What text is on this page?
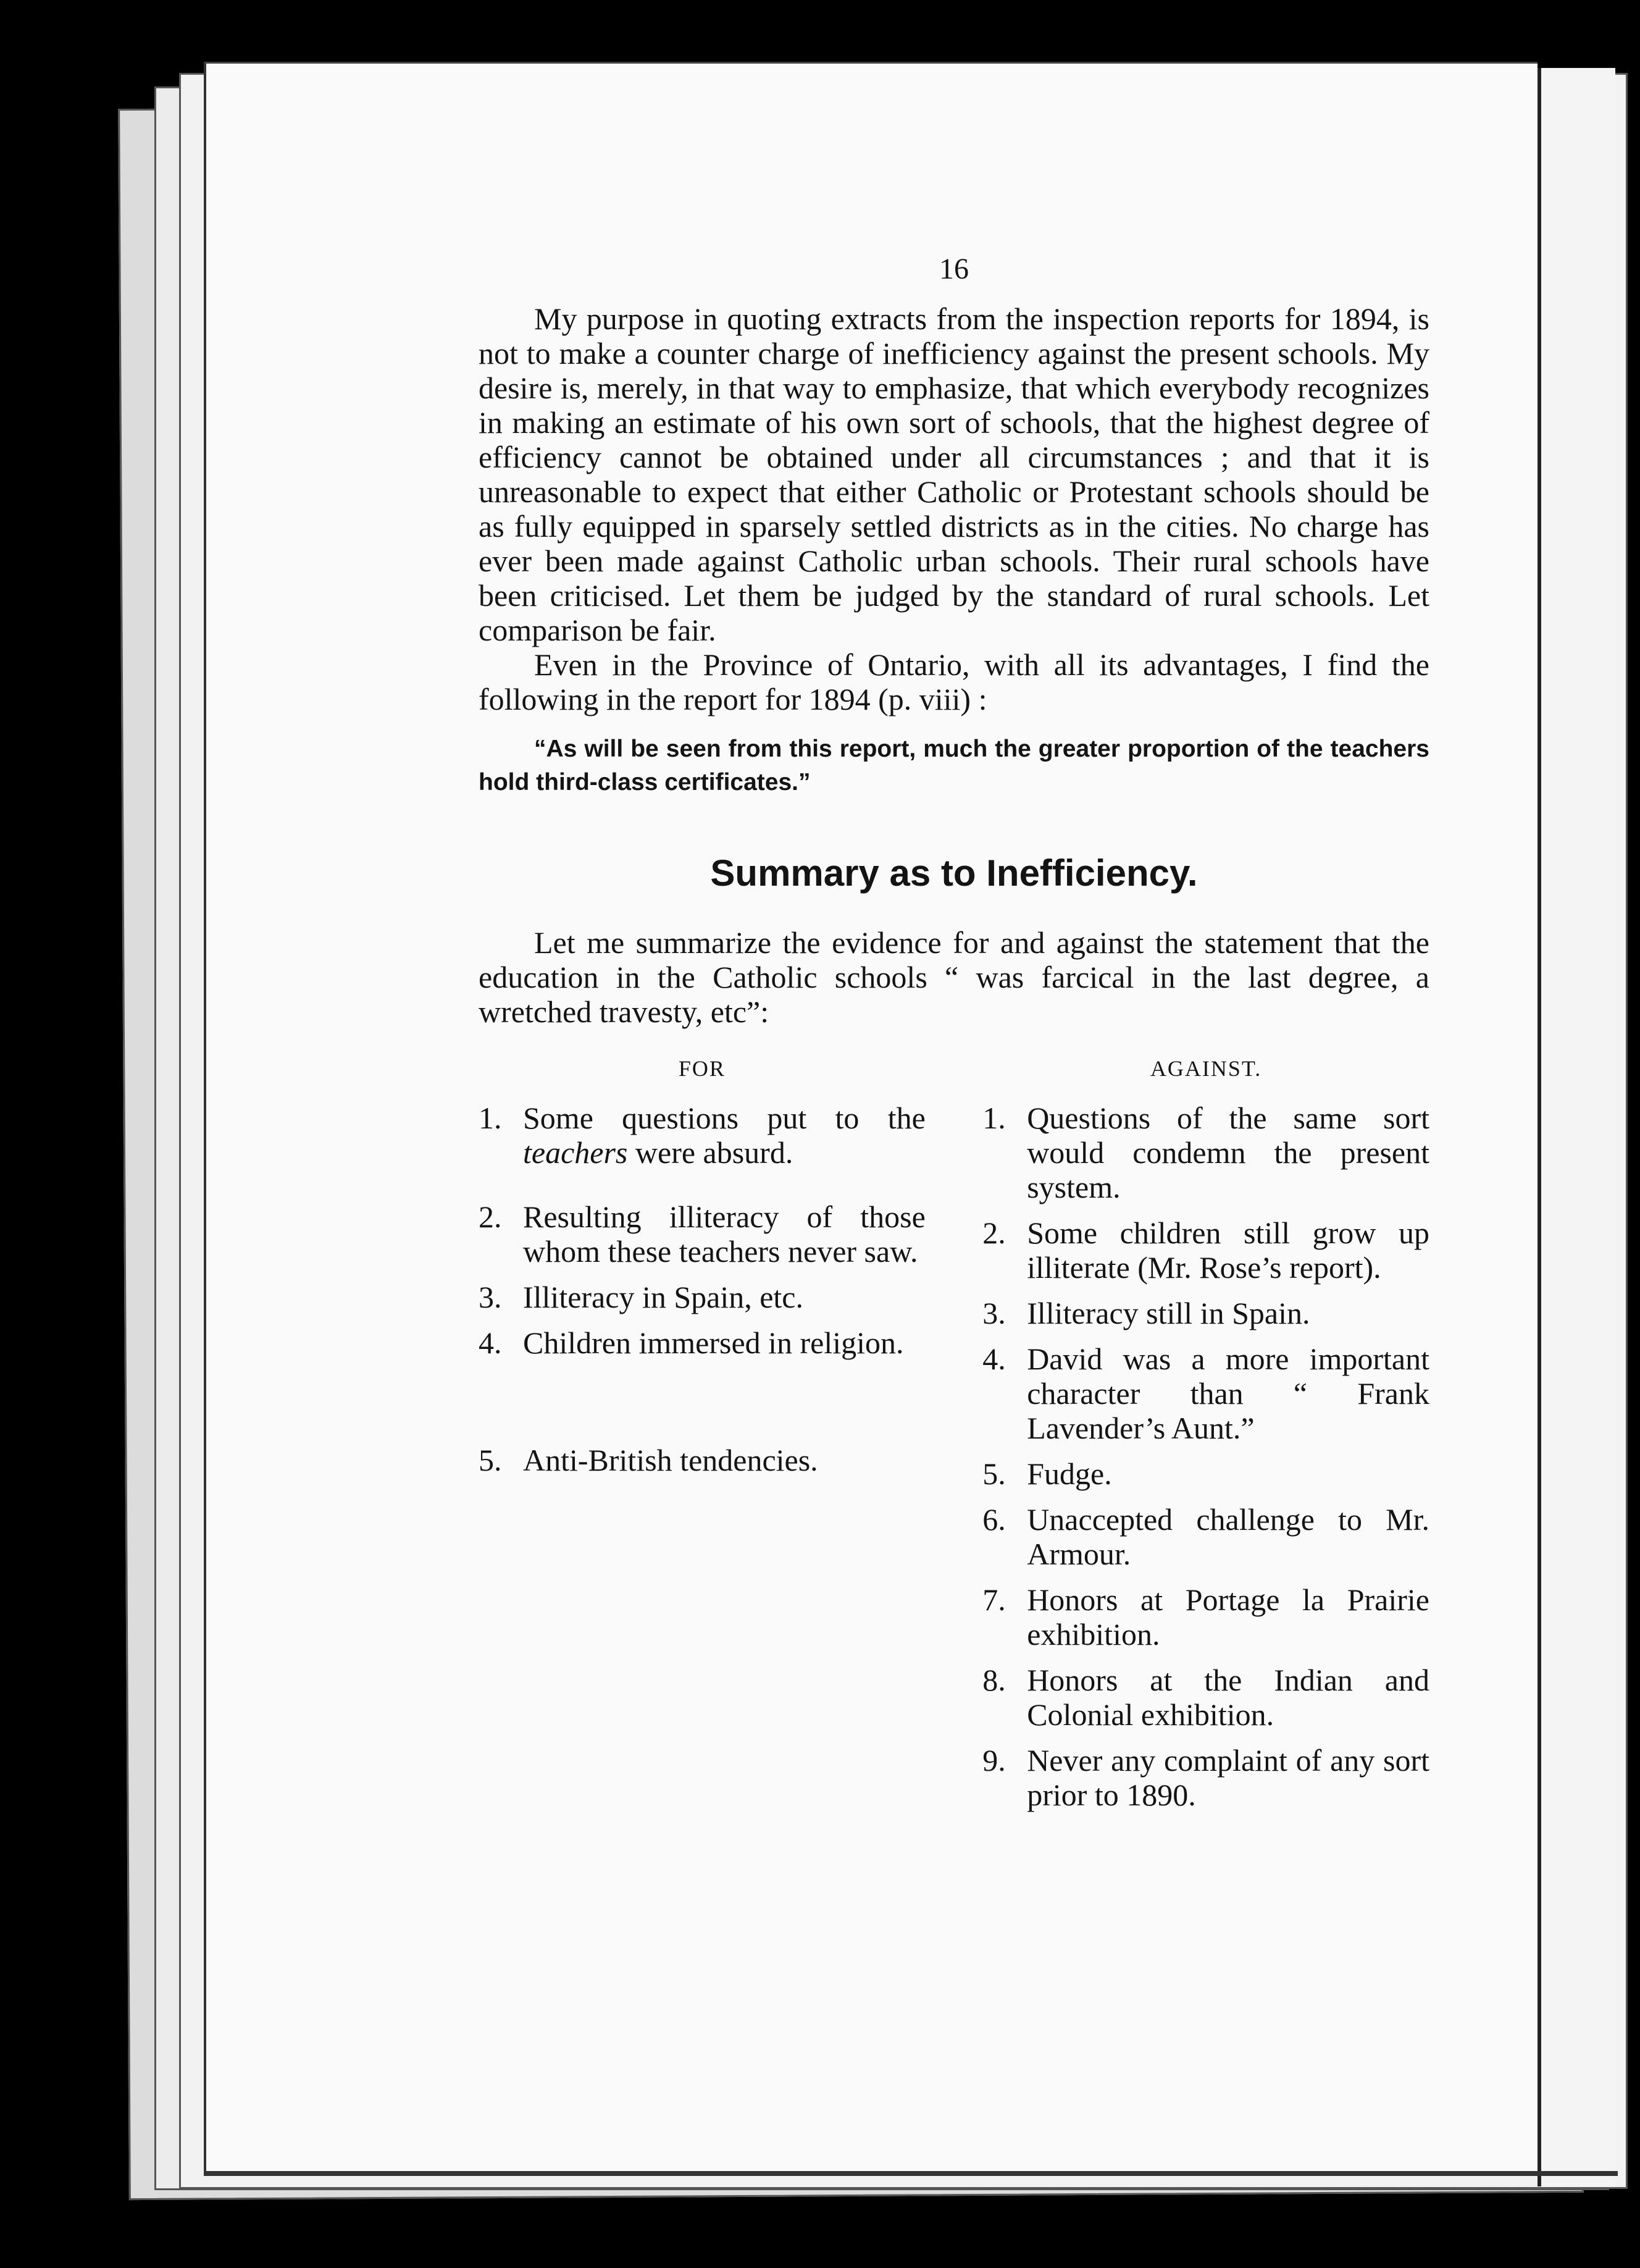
16

My purpose in quoting extracts from the inspection reports for 1894, is not to make a counter charge of inefficiency against the present schools. My desire is, merely, in that way to emphasize, that which everybody recognizes in making an estimate of his own sort of schools, that the highest degree of efficiency cannot be obtained under all circumstances ; and that it is unreasonable to expect that either Catholic or Protestant schools should be as fully equipped in sparsely settled districts as in the cities. No charge has ever been made against Catholic urban schools. Their rural schools have been criticised. Let them be judged by the standard of rural schools. Let comparison be fair.

Even in the Province of Ontario, with all its advantages, I find the following in the report for 1894 (p. viii) :

“As will be seen from this report, much the greater proportion of the teachers hold third-class certificates.”
Summary as to Inefficiency.

Let me summarize the evidence for and against the statement that the education in the Catholic schools “ was farcical in the last degree, a wretched travesty, etc”:

FOR
1. Some questions put to the teachers were absurd.
2. Resulting illiteracy of those whom these teachers never saw.
3. Illiteracy in Spain, etc.
4. Children immersed in religion.
5. Anti-British tendencies.
AGAINST.
1. Questions of the same sort would condemn the present system.
2. Some children still grow up illiterate (Mr. Rose’s report).
3. Illiteracy still in Spain.
4. David was a more important character than “ Frank Lavender’s Aunt.”
5. Fudge.
6. Unaccepted challenge to Mr. Armour.
7. Honors at Portage la Prairie exhibition.
8. Honors at the Indian and Colonial exhibition.
9. Never any complaint of any sort prior to 1890.
